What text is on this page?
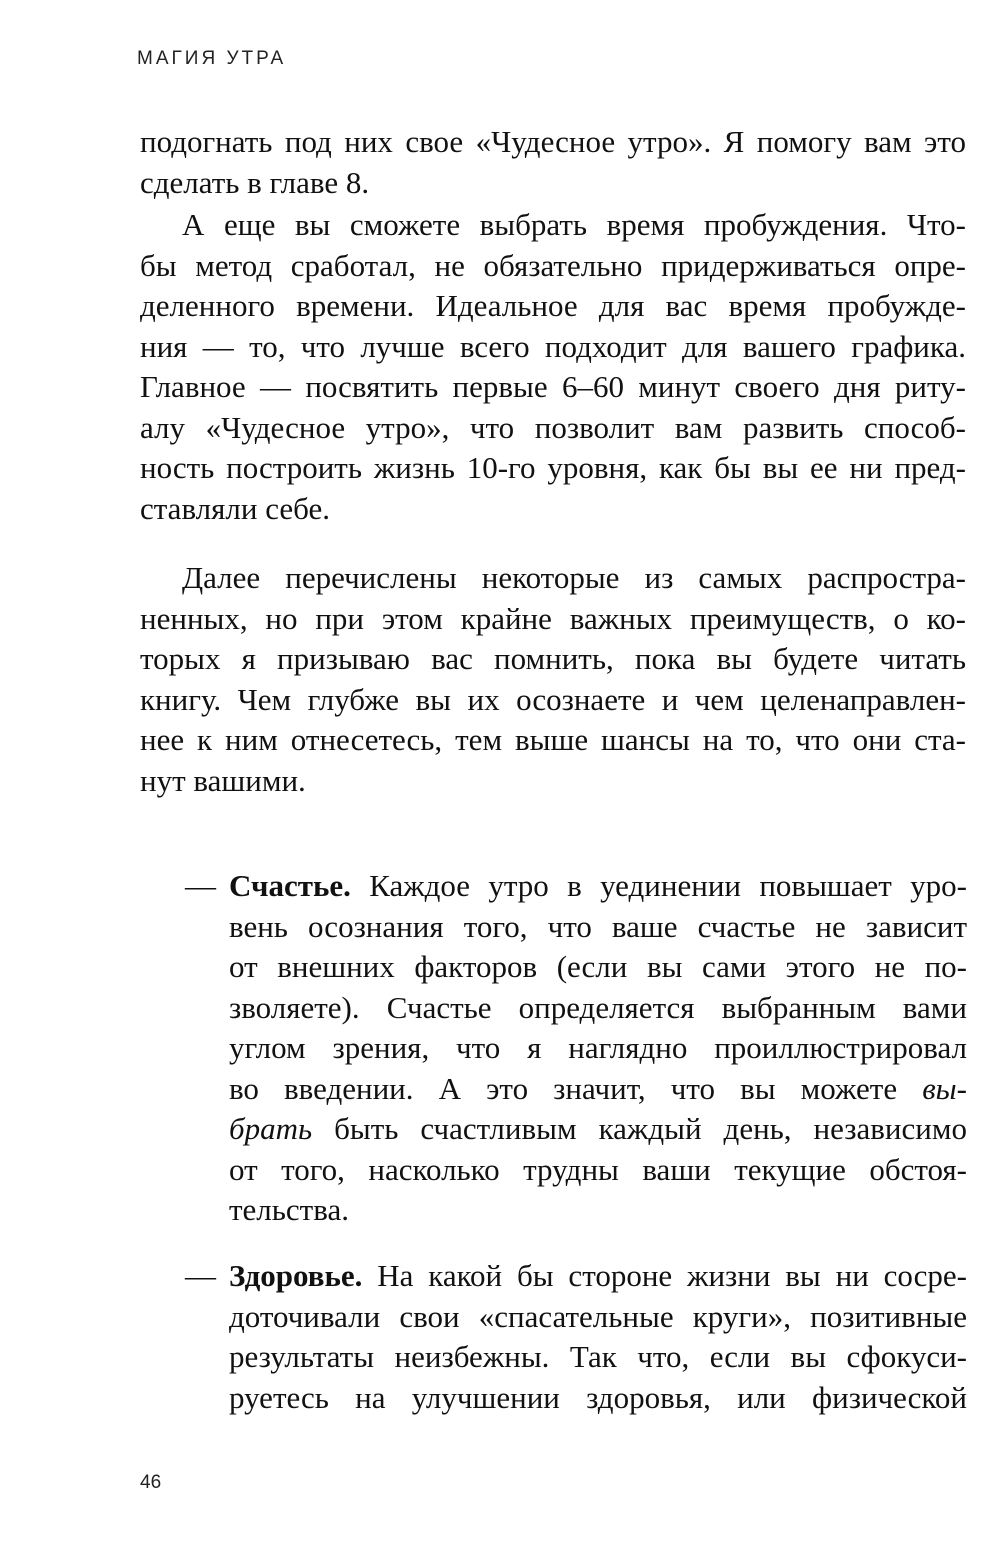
МАГИЯ УТРА
подогнать под них свое «Чудесное утро». Я помогу вам это
сделать в главе 8.
А еще вы сможете выбрать время пробуждения. Что-
бы метод сработал, не обязательно придерживаться опре-
деленного времени. Идеальное для вас время пробужде-
ния — то, что лучше всего подходит для вашего графика.
Главное — посвятить первые 6–60 минут своего дня риту-
алу «Чудесное утро», что позволит вам развить способ-
ность построить жизнь 10-го уровня, как бы вы ее ни пред-
ставляли себе.
Далее перечислены некоторые из самых распростра-
ненных, но при этом крайне важных преимуществ, о ко-
торых я призываю вас помнить, пока вы будете читать
книгу. Чем глубже вы их осознаете и чем целенаправлен-
нее к ним отнесетесь, тем выше шансы на то, что они ста-
нут вашими.
— Счастье. Каждое утро в уединении повышает уро-
вень осознания того, что ваше счастье не зависит
от внешних факторов (если вы сами этого не по-
зволяете). Счастье определяется выбранным вами
углом зрения, что я наглядно проиллюстрировал
во введении. А это значит, что вы можете вы-
брать быть счастливым каждый день, независимо
от того, насколько трудны ваши текущие обстоя-
тельства.
— Здоровье. На какой бы стороне жизни вы ни сосре-
доточивали свои «спасательные круги», позитивные
результаты неизбежны. Так что, если вы сфокуси-
руетесь на улучшении здоровья, или физической
46
